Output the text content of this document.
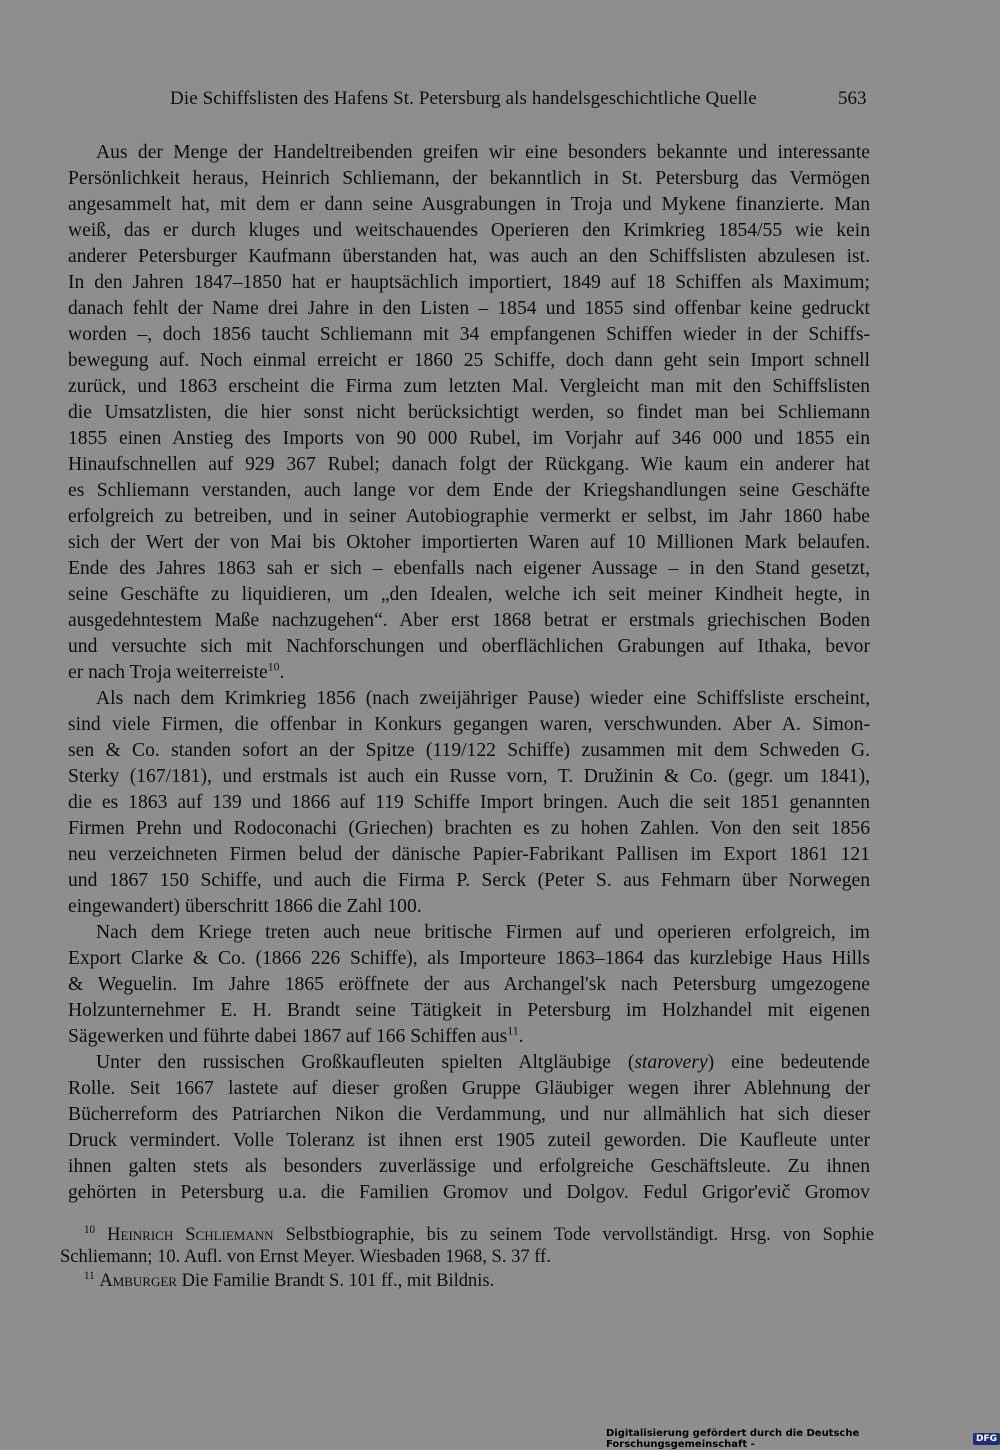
Die Schiffslisten des Hafens St. Petersburg als handelsgeschichtliche Quelle	563
Aus der Menge der Handeltreibenden greifen wir eine besonders bekannte und interessante
Persönlichkeit heraus, Heinrich Schliemann, der bekanntlich in St. Petersburg das Vermögen
angesammelt hat, mit dem er dann seine Ausgrabungen in Troja und Mykene finanzierte. Man
weiß, das er durch kluges und weitschauendes Operieren den Krimkrieg 1854/55 wie kein
anderer Petersburger Kaufmann überstanden hat, was auch an den Schiffslisten abzulesen ist.
In den Jahren 1847–1850 hat er hauptsächlich importiert, 1849 auf 18 Schiffen als Maximum;
danach fehlt der Name drei Jahre in den Listen – 1854 und 1855 sind offenbar keine gedruckt
worden –, doch 1856 taucht Schliemann mit 34 empfangenen Schiffen wieder in der Schiffs-
bewegung auf. Noch einmal erreicht er 1860 25 Schiffe, doch dann geht sein Import schnell
zurück, und 1863 erscheint die Firma zum letzten Mal. Vergleicht man mit den Schiffslisten
die Umsatzlisten, die hier sonst nicht berücksichtigt werden, so findet man bei Schliemann
1855 einen Anstieg des Imports von 90 000 Rubel, im Vorjahr auf 346 000 und 1855 ein
Hinaufschnellen auf 929 367 Rubel; danach folgt der Rückgang. Wie kaum ein anderer hat
es Schliemann verstanden, auch lange vor dem Ende der Kriegshandlungen seine Geschäfte
erfolgreich zu betreiben, und in seiner Autobiographie vermerkt er selbst, im Jahr 1860 habe
sich der Wert der von Mai bis Oktoher importierten Waren auf 10 Millionen Mark belaufen.
Ende des Jahres 1863 sah er sich – ebenfalls nach eigener Aussage – in den Stand gesetzt,
seine Geschäfte zu liquidieren, um „den Idealen, welche ich seit meiner Kindheit hegte, in
ausgedehntestem Maße nachzugehen“. Aber erst 1868 betrat er erstmals griechischen Boden
und versuchte sich mit Nachforschungen und oberflächlichen Grabungen auf Ithaka, bevor
er nach Troja weiterreiste$^{10}$.
Als nach dem Krimkrieg 1856 (nach zweijähriger Pause) wieder eine Schiffsliste erscheint,
sind viele Firmen, die offenbar in Konkurs gegangen waren, verschwunden. Aber A. Simon-
sen & Co. standen sofort an der Spitze (119/122 Schiffe) zusammen mit dem Schweden G.
Sterky (167/181), und erstmals ist auch ein Russe vorn, T. Družinin & Co. (gegr. um 1841),
die es 1863 auf 139 und 1866 auf 119 Schiffe Import bringen. Auch die seit 1851 genannten
Firmen Prehn und Rodoconachi (Griechen) brachten es zu hohen Zahlen. Von den seit 1856
neu verzeichneten Firmen belud der dänische Papier-Fabrikant Pallisen im Export 1861 121
und 1867 150 Schiffe, und auch die Firma P. Serck (Peter S. aus Fehmarn über Norwegen
eingewandert) überschritt 1866 die Zahl 100.
Nach dem Kriege treten auch neue britische Firmen auf und operieren erfolgreich, im
Export Clarke & Co. (1866 226 Schiffe), als Importeure 1863–1864 das kurzlebige Haus Hills
& Weguelin. Im Jahre 1865 eröffnete der aus Archangel'sk nach Petersburg umgezogene
Holzunternehmer E. H. Brandt seine Tätigkeit in Petersburg im Holzhandel mit eigenen
Sägewerken und führte dabei 1867 auf 166 Schiffen aus$^{11}$.
Unter den russischen Großkaufleuten spielten Altgläubige (starovery) eine bedeutende
Rolle. Seit 1667 lastete auf dieser großen Gruppe Gläubiger wegen ihrer Ablehnung der
Bücherreform des Patriarchen Nikon die Verdammung, und nur allmählich hat sich dieser
Druck vermindert. Volle Toleranz ist ihnen erst 1905 zuteil geworden. Die Kaufleute unter
ihnen galten stets als besonders zuverlässige und erfolgreiche Geschäftsleute. Zu ihnen
gehörten in Petersburg u.a. die Familien Gromov und Dolgov. Fedul Grigor'evič Gromov
$^{10}$ Heinrich Schliemann Selbstbiographie, bis zu seinem Tode vervollständigt. Hrsg. von Sophie
Schliemann; 10. Aufl. von Ernst Meyer. Wiesbaden 1968, S. 37 ff.
$^{11}$ Amburger Die Familie Brandt S. 101 ff., mit Bildnis.
Digitalisierung gefördert durch die Deutsche Forschungsgemeinschaft -	DFG
